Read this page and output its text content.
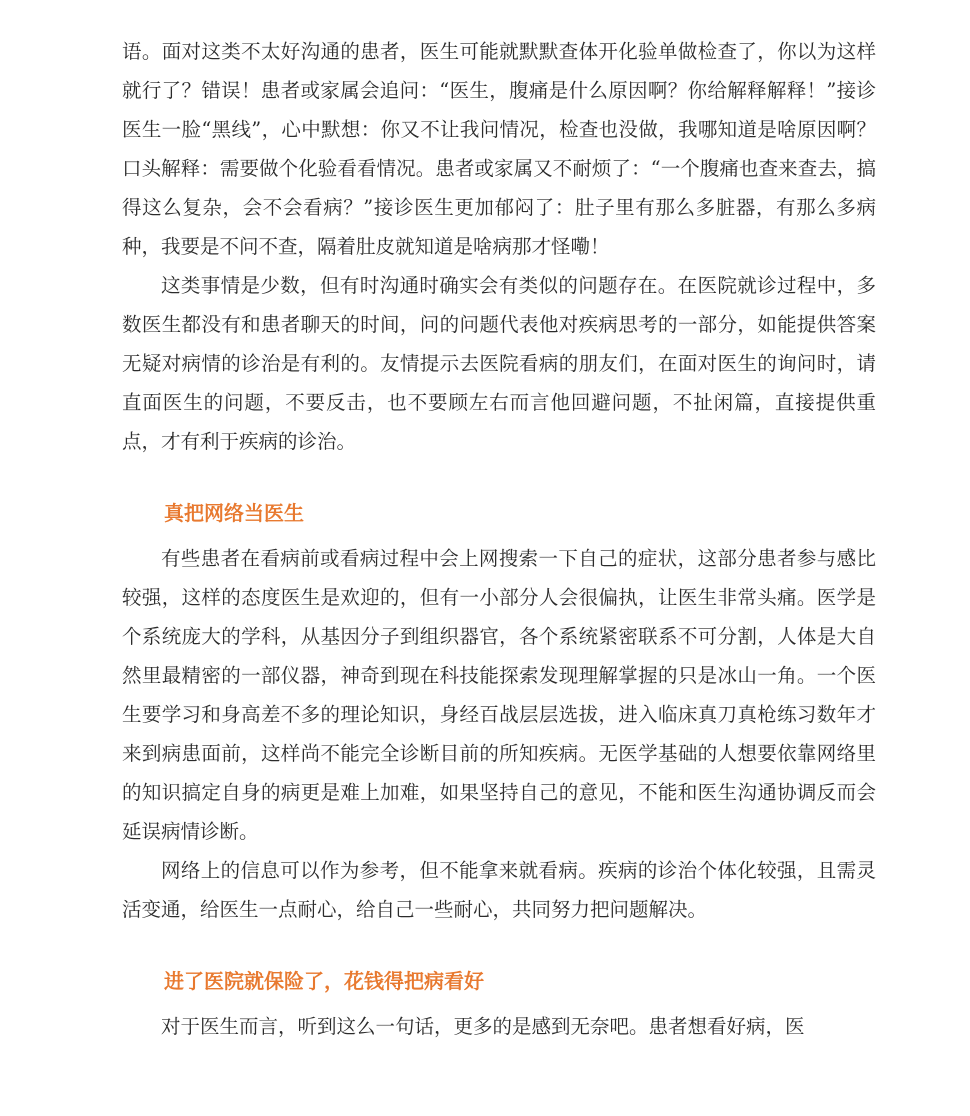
语。面对这类不太好沟通的患者，医生可能就默默查体开化验单做检查了，你以为这样就行了？错误！患者或家属会追问：“医生，腹痛是什么原因啊？你给解释解释！”接诊医生一脸“黑线”，心中默想：你又不让我问情况，检查也没做，我哪知道是啥原因啊？口头解释：需要做个化验看看情况。患者或家属又不耐烦了：“一个腹痛也查来查去，搞得这么复杂，会不会看病？”接诊医生更加郁闷了：肚子里有那么多脏器，有那么多病种，我要是不问不查，隔着肚皮就知道是啥病那才怪嘞！

这类事情是少数，但有时沟通时确实会有类似的问题存在。在医院就诊过程中，多数医生都没有和患者聊天的时间，问的问题代表他对疾病思考的一部分，如能提供答案无疑对病情的诊治是有利的。友情提示去医院看病的朋友们，在面对医生的询问时，请直面医生的问题，不要反击，也不要顾左右而言他回避问题，不扯闲篇，直接提供重点，才有利于疾病的诊治。

真把网络当医生

有些患者在看病前或看病过程中会上网搜索一下自己的症状，这部分患者参与感比较强，这样的态度医生是欢迎的，但有一小部分人会很偏执，让医生非常头痛。医学是个系统庞大的学科，从基因分子到组织器官，各个系统紧密联系不可分割，人体是大自然里最精密的一部仪器，神奇到现在科技能探索发现理解掌握的只是冰山一角。一个医生要学习和身高差不多的理论知识，身经百战层层选拔，进入临床真刀真枪练习数年才来到病患面前，这样尚不能完全诊断目前的所知疾病。无医学基础的人想要依靠网络里的知识搞定自身的病更是难上加难，如果坚持自己的意见，不能和医生沟通协调反而会延误病情诊断。

网络上的信息可以作为参考，但不能拿来就看病。疾病的诊治个体化较强，且需灵活变通，给医生一点耐心，给自己一些耐心，共同努力把问题解决。

进了医院就保险了，花钱得把病看好

对于医生而言，听到这么一句话，更多的是感到无奈吧。患者想看好病，医
